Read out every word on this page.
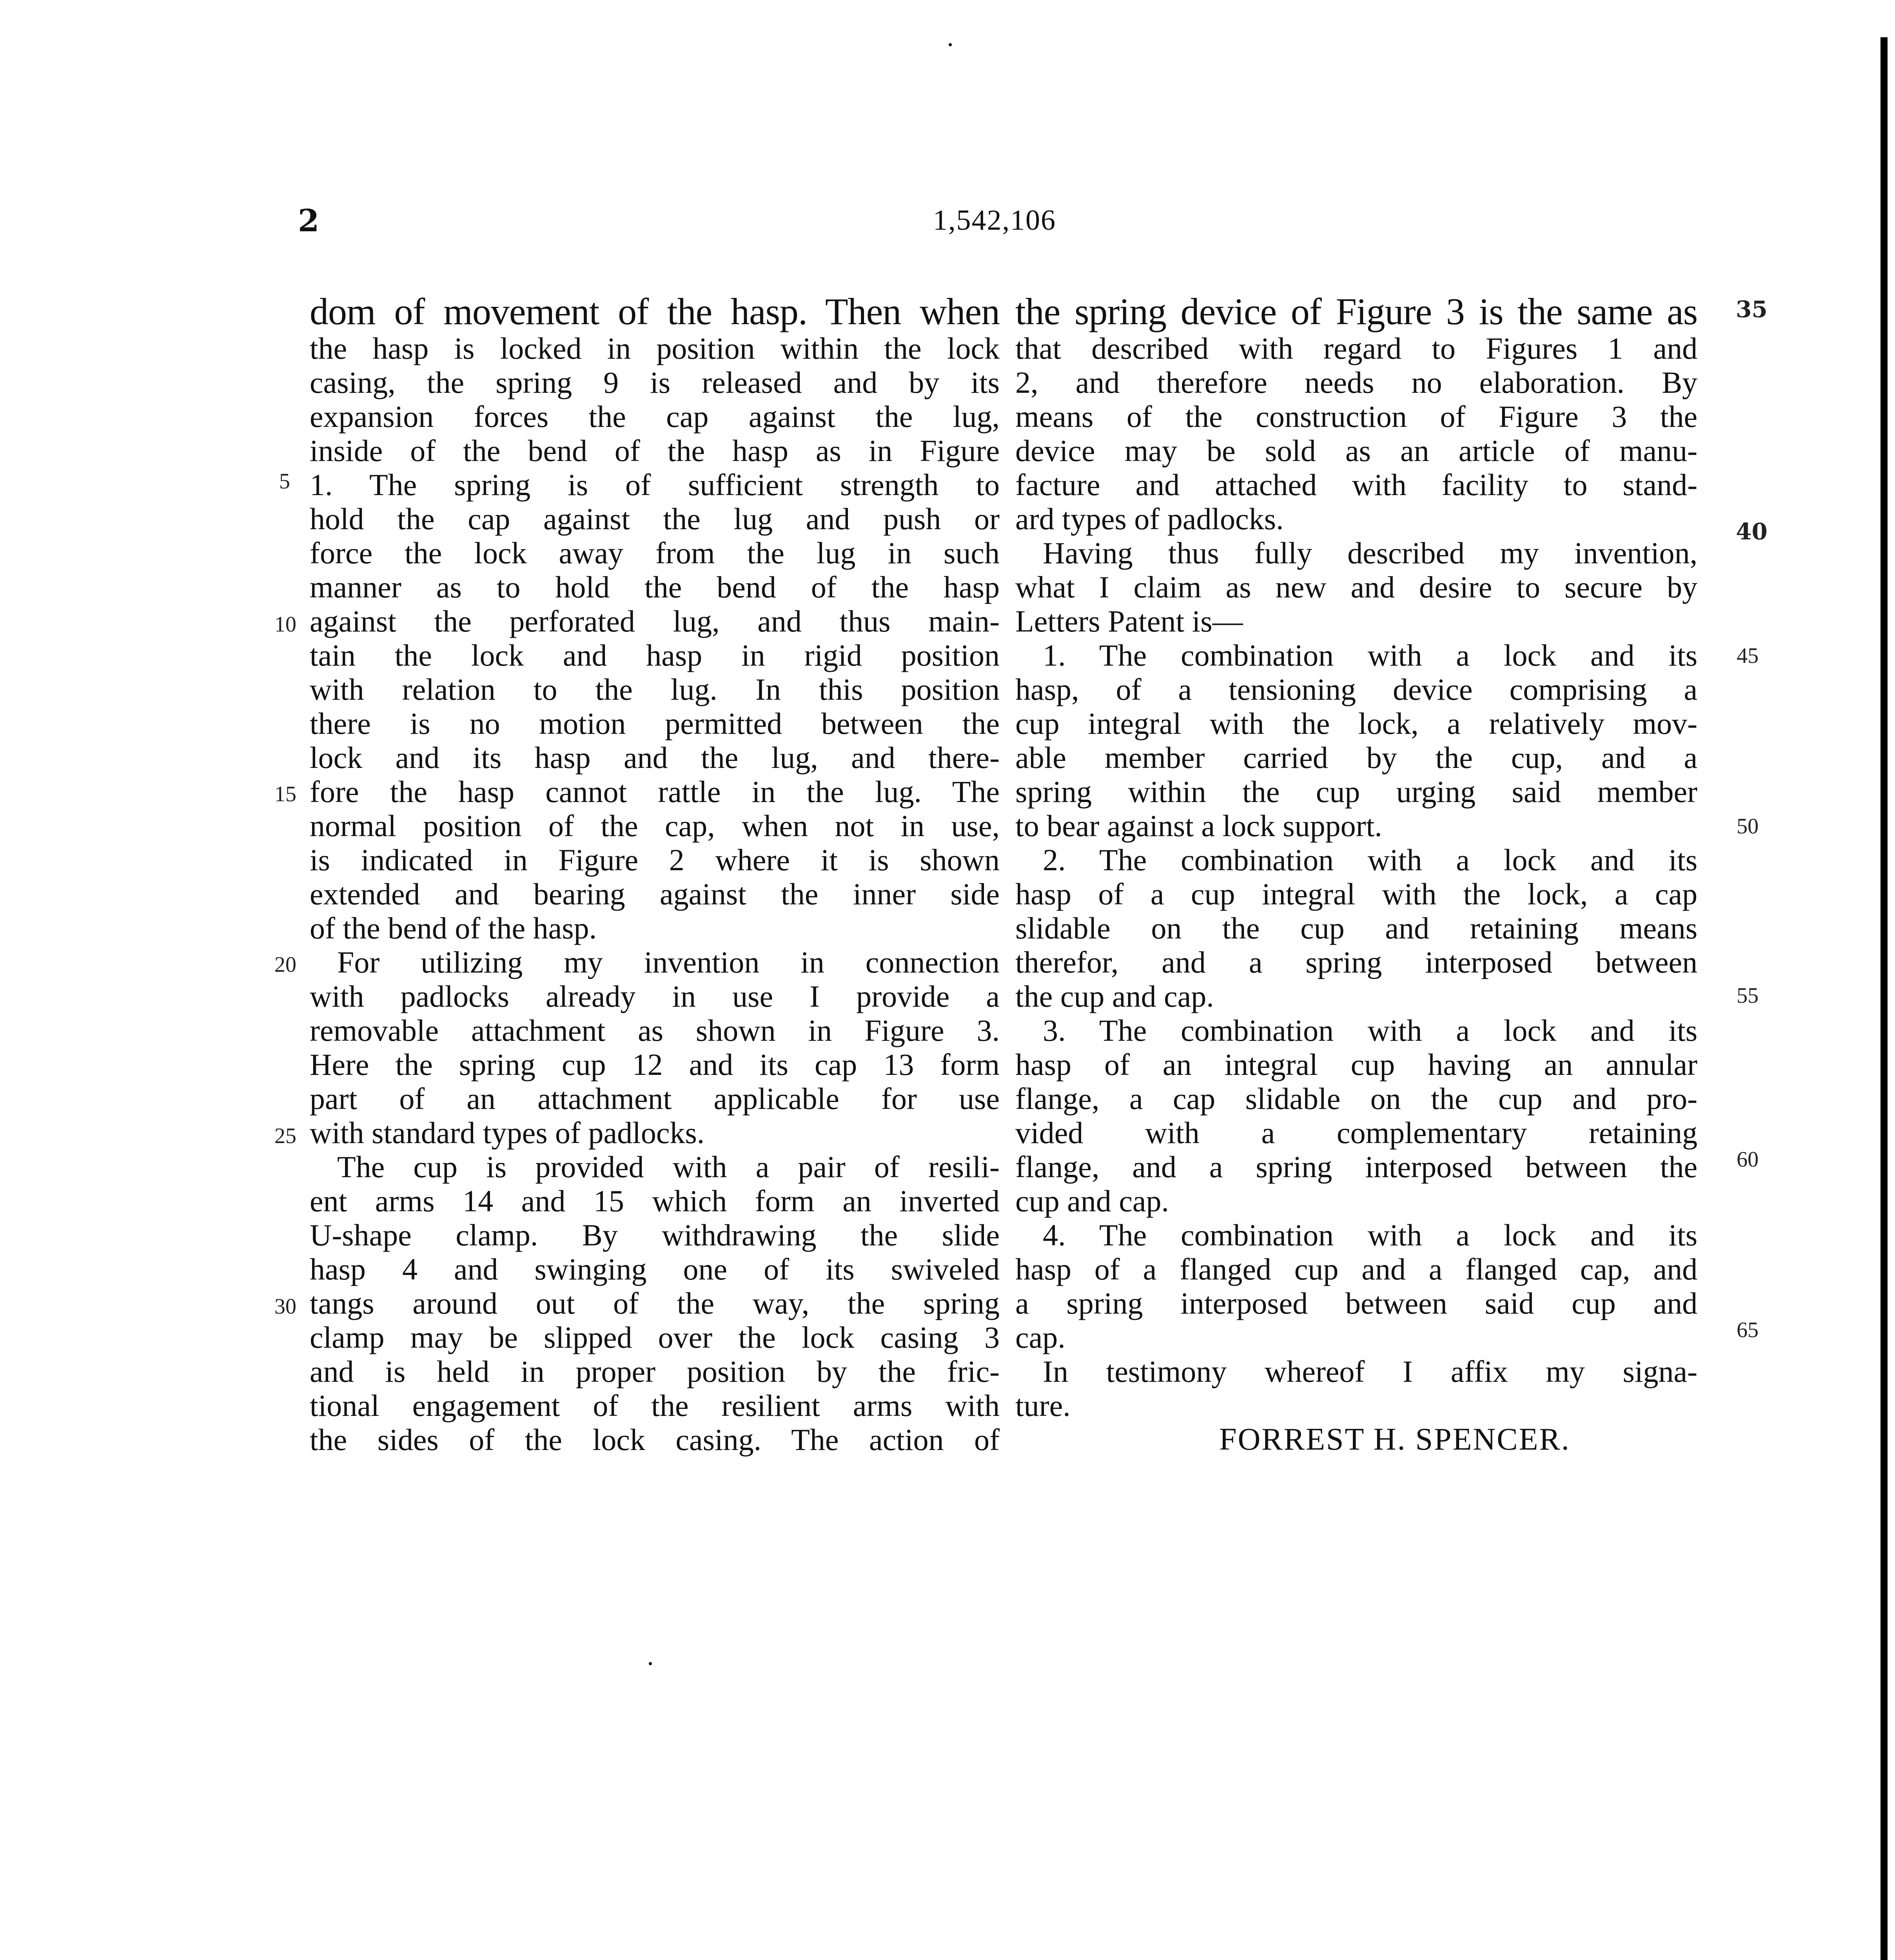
2	1,542,106
dom of movement of the hasp. Then when
the hasp is locked in position within the lock
casing, the spring 9 is released and by its
expansion forces the cap against the lug,
inside of the bend of the hasp as in Figure
1. The spring is of sufficient strength to
hold the cap against the lug and push or
force the lock away from the lug in such
manner as to hold the bend of the hasp
against the perforated lug, and thus main-
tain the lock and hasp in rigid position
with relation to the lug. In this position
there is no motion permitted between the
lock and its hasp and the lug, and there-
fore the hasp cannot rattle in the lug. The
normal position of the cap, when not in use,
is indicated in Figure 2 where it is shown
extended and bearing against the inner side
of the bend of the hasp.
For utilizing my invention in connection
with padlocks already in use I provide a
removable attachment as shown in Figure 3.
Here the spring cup 12 and its cap 13 form
part of an attachment applicable for use
with standard types of padlocks.
The cup is provided with a pair of resili-
ent arms 14 and 15 which form an inverted
U-shape clamp. By withdrawing the slide
hasp 4 and swinging one of its swiveled
tangs around out of the way, the spring
clamp may be slipped over the lock casing 3
and is held in proper position by the fric-
tional engagement of the resilient arms with
the sides of the lock casing. The action of
5
10
15
20
25
30
the spring device of Figure 3 is the same as
that described with regard to Figures 1 and
2, and therefore needs no elaboration. By
means of the construction of Figure 3 the
device may be sold as an article of manu-
facture and attached with facility to stand-
ard types of padlocks.
Having thus fully described my invention,
what I claim as new and desire to secure by
Letters Patent is—
1. The combination with a lock and its
hasp, of a tensioning device comprising a
cup integral with the lock, a relatively mov-
able member carried by the cup, and a
spring within the cup urging said member
to bear against a lock support.
2. The combination with a lock and its
hasp of a cup integral with the lock, a cap
slidable on the cup and retaining means
therefor, and a spring interposed between
the cup and cap.
3. The combination with a lock and its
hasp of an integral cup having an annular
flange, a cap slidable on the cup and pro-
vided with a complementary retaining
flange, and a spring interposed between the
cup and cap.
4. The combination with a lock and its
hasp of a flanged cup and a flanged cap, and
a spring interposed between said cup and
cap.
In testimony whereof I affix my signa-
ture.
FORREST H. SPENCER.
35
40
45
50
55
60
65
